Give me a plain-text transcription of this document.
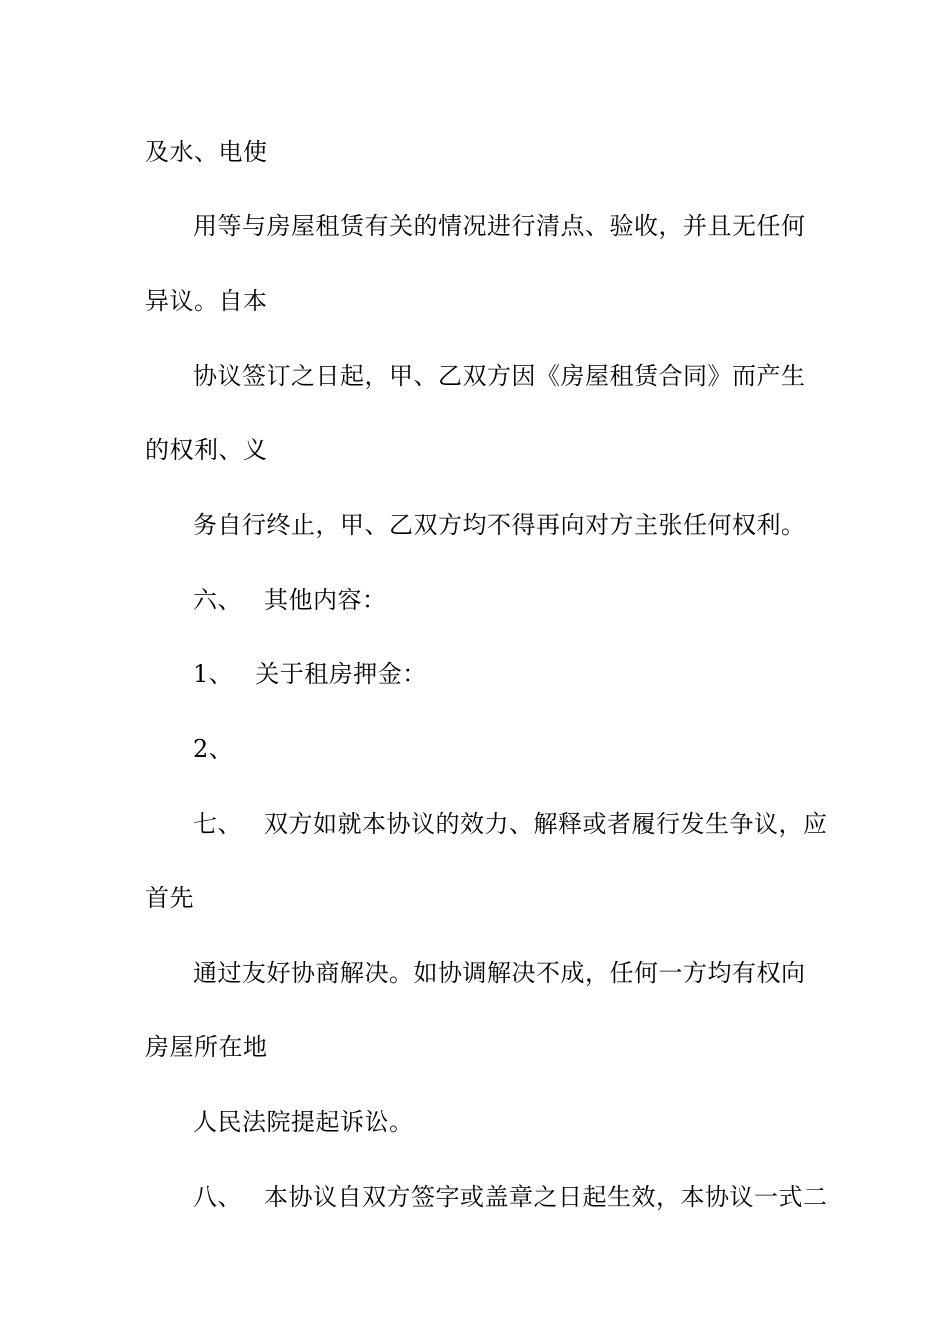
及水、电使
用等与房屋租赁有关的情况进行清点、验收，并且无任何
异议。自本
协议签订之日起，甲、乙双方因《房屋租赁合同》而产生
的权利、义
务自行终止，甲、乙双方均不得再向对方主张任何权利。
六、 其他内容：
1、 关于租房押金：
2、
七、 双方如就本协议的效力、解释或者履行发生争议，应
首先
通过友好协商解决。如协调解决不成，任何一方均有权向
房屋所在地
人民法院提起诉讼。
八、 本协议自双方签字或盖章之日起生效，本协议一式二
